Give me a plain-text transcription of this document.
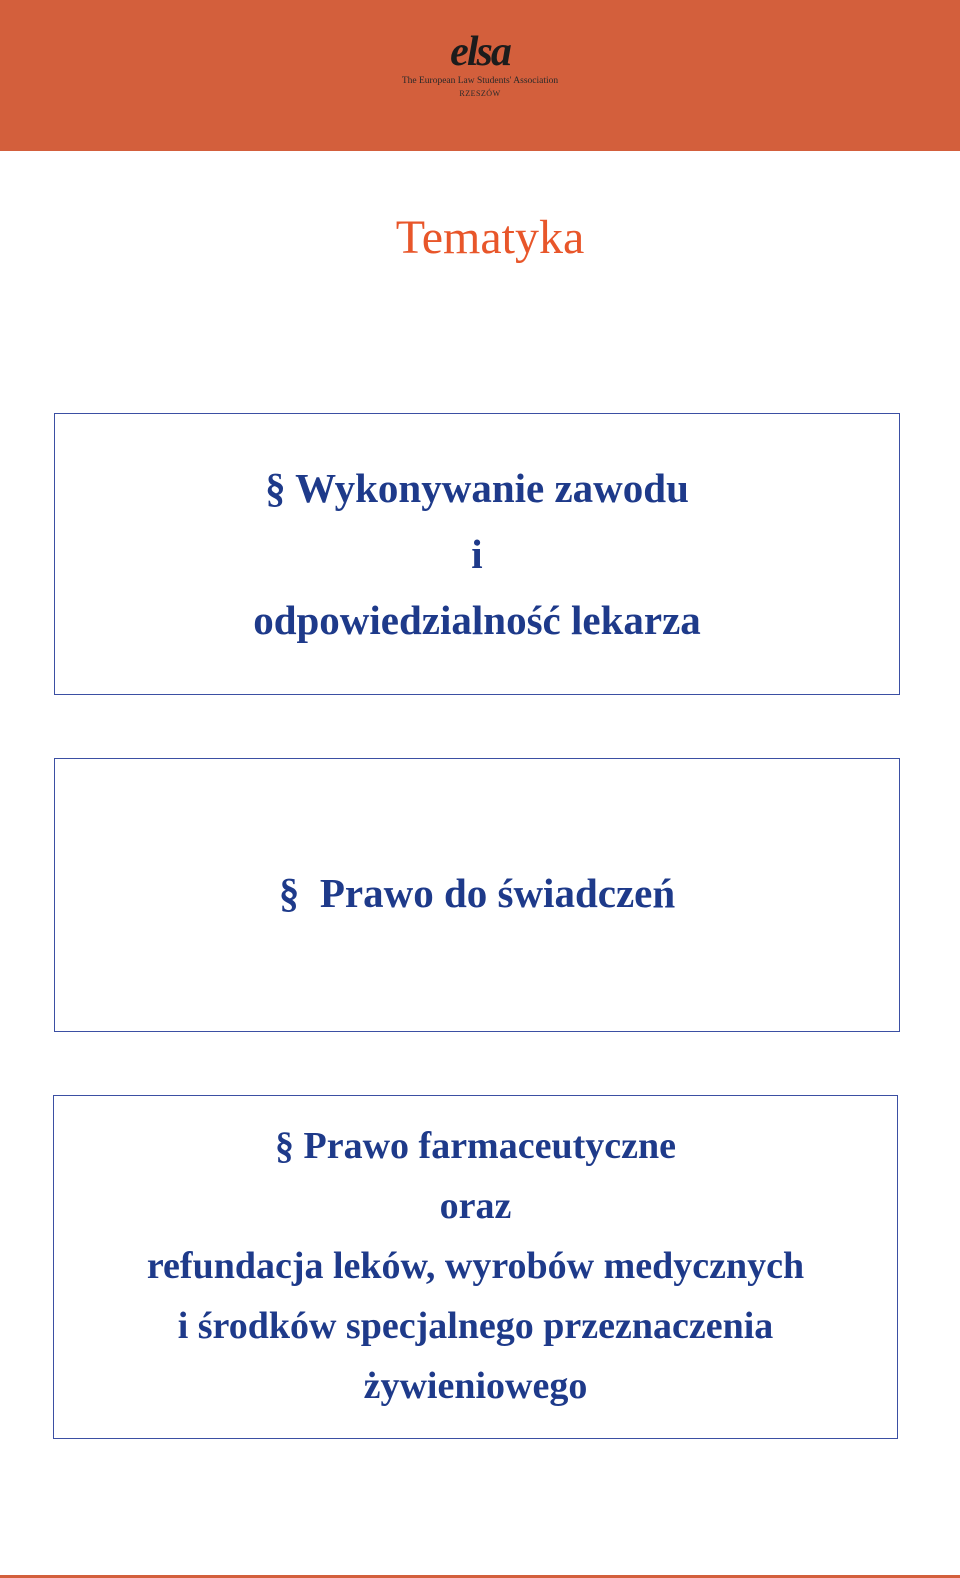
elsa
The European Law Students' Association
RZESZÓW
Tematyka
§ Wykonywanie zawodu
i
odpowiedzialność lekarza
§ Prawo do świadczeń
§ Prawo farmaceutyczne
oraz
refundacja leków, wyrobów medycznych
i środków specjalnego przeznaczenia
żywieniowego
